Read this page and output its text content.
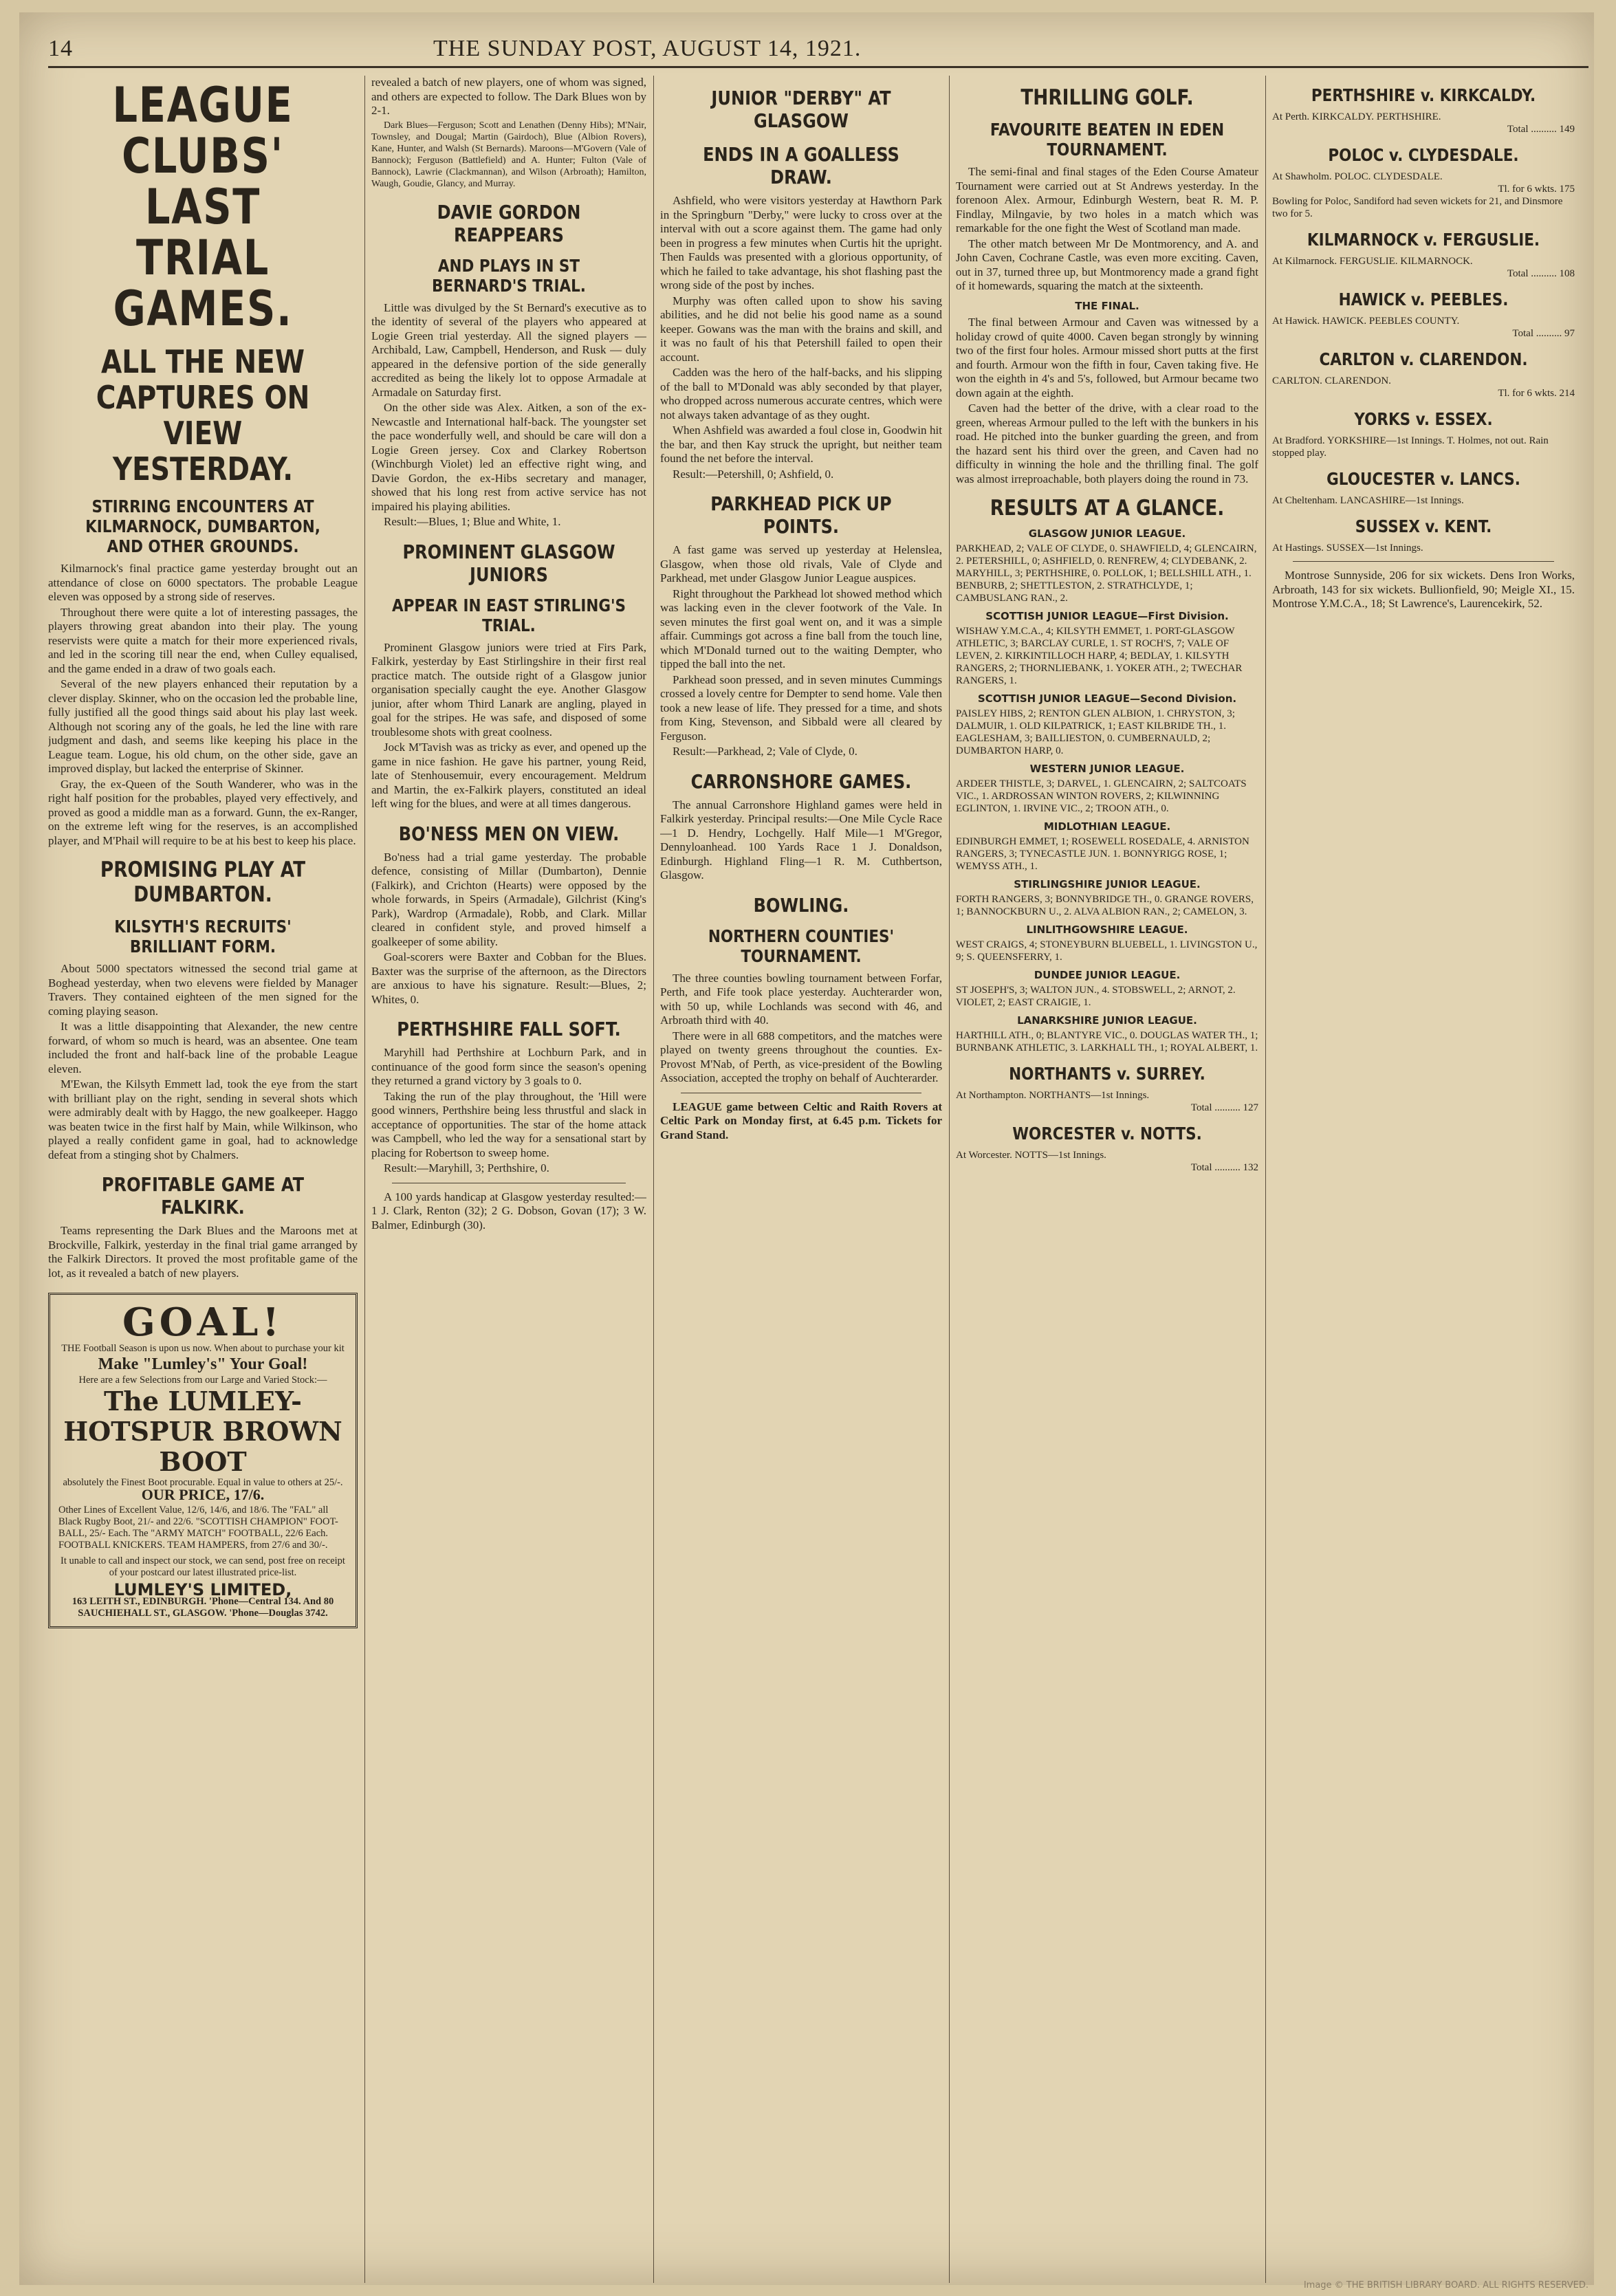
14	THE SUNDAY POST, AUGUST 14, 1921.
LEAGUE CLUBS' LAST TRIAL GAMES.
ALL THE NEW CAPTURES ON VIEW YESTERDAY.
STIRRING ENCOUNTERS AT KILMARNOCK, DUMBARTON, AND OTHER GROUNDS.

Kilmarnock's final practice game yesterday brought out an attendance of close on 6000 spectators. The probable League eleven was opposed by a strong side of reserves.

Throughout there were quite a lot of interesting passages, the players throwing great abandon into their play. The young reservists were quite a match for their more experienced rivals, and led in the scoring till near the end, when Culley equalised, and the game ended in a draw of two goals each.

Several of the new players enhanced their reputation by a clever display. Skinner, who on the occasion led the probable line, fully justified all the good things said about his play last week. Although not scoring any of the goals, he led the line with rare judgment and dash, and seems like keeping his place in the League team. Logue, his old chum, on the other side, gave an improved display, but lacked the enterprise of Skinner.

Gray, the ex-Queen of the South Wanderer, who was in the right half position for the probables, played very effectively, and proved as good a middle man as a forward. Gunn, the ex-Ranger, on the extreme left wing for the reserves, is an accomplished player, and M'Phail will require to be at his best to keep his place.

PROMISING PLAY AT DUMBARTON.
KILSYTH'S RECRUITS' BRILLIANT FORM.

About 5000 spectators witnessed the second trial game at Boghead yesterday, when two elevens were fielded by Manager Travers. They contained eighteen of the men signed for the coming playing season.

It was a little disappointing that Alexander, the new centre forward, of whom so much is heard, was an absentee. One team included the front and half-back line of the probable League eleven.

M'Ewan, the Kilsyth Emmett lad, took the eye from the start with brilliant play on the right, sending in several shots which were admirably dealt with by Haggo, the new goalkeeper. Haggo was beaten twice in the first half by Main, while Wilkinson, who played a really confident game in goal, had to acknowledge defeat from a stinging shot by Chalmers.

PROFITABLE GAME AT FALKIRK.

Teams representing the Dark Blues and the Maroons met at Brockville, Falkirk, yesterday in the final trial game arranged by the Falkirk Directors. It proved the most profitable game of the lot, as it revealed a batch of new players.

GOAL!
THE Football Season is upon us now. When about to purchase your kit
Make "Lumley's" Your Goal!
Here are a few Selections from our Large and Varied Stock:—
The LUMLEY-HOTSPUR BROWN BOOT
absolutely the Finest Boot procurable. Equal in value to others at 25/-.
OUR PRICE, 17/6.
Other Lines of Excellent Value, 12/6, 14/6, and 18/6. The "FAL" all Black Rugby Boot, 21/- and 22/6. "SCOTTISH CHAMPION" FOOT-BALL, 25/- Each. The "ARMY MATCH" FOOTBALL, 22/6 Each. FOOTBALL KNICKERS. TEAM HAMPERS, from 27/6 and 30/-.
It unable to call and inspect our stock, we can send, post free on receipt of your postcard our latest illustrated price-list.
LUMLEY'S LIMITED,
163 LEITH ST., EDINBURGH. 'Phone—Central 134. And 80 SAUCHIEHALL ST., GLASGOW. 'Phone—Douglas 3742.

revealed a batch of new players, one of whom was signed, and others are expected to follow. The Dark Blues won by 2-1.

Dark Blues—Ferguson; Scott and Lenathen (Denny Hibs); M'Nair, Townsley, and Dougal; Martin (Gairdoch), Blue (Albion Rovers), Kane, Hunter, and Walsh (St Bernards). Maroons—M'Govern (Vale of Bannock); Ferguson (Battlefield) and A. Hunter; Fulton (Vale of Bannock), Lawrie (Clackmannan), and Wilson (Arbroath); Hamilton, Waugh, Goudie, Glancy, and Murray.

DAVIE GORDON REAPPEARS
AND PLAYS IN ST BERNARD'S TRIAL.

Little was divulged by the St Bernard's executive as to the identity of several of the players who appeared at Logie Green trial yesterday. All the signed players — Archibald, Law, Campbell, Henderson, and Rusk — duly appeared in the defensive portion of the side generally accredited as being the likely lot to oppose Armadale at Armadale on Saturday first.

On the other side was Alex. Aitken, a son of the ex-Newcastle and International half-back. The youngster set the pace wonderfully well, and should be care will don a Logie Green jersey. Cox and Clarkey Robertson (Winchburgh Violet) led an effective right wing, and Davie Gordon, the ex-Hibs secretary and manager, showed that his long rest from active service has not impaired his playing abilities.

Result:—Blues, 1; Blue and White, 1.

PROMINENT GLASGOW JUNIORS
APPEAR IN EAST STIRLING'S TRIAL.

Prominent Glasgow juniors were tried at Firs Park, Falkirk, yesterday by East Stirlingshire in their first real practice match. The outside right of a Glasgow junior organisation specially caught the eye. Another Glasgow junior, after whom Third Lanark are angling, played in goal for the stripes. He was safe, and disposed of some troublesome shots with great coolness.

Jock M'Tavish was as tricky as ever, and opened up the game in nice fashion. He gave his partner, young Reid, late of Stenhousemuir, every encouragement. Meldrum and Martin, the ex-Falkirk players, constituted an ideal left wing for the blues, and were at all times dangerous.

BO'NESS MEN ON VIEW.

Bo'ness had a trial game yesterday. The probable defence, consisting of Millar (Dumbarton), Dennie (Falkirk), and Crichton (Hearts) were opposed by the whole forwards, in Speirs (Armadale), Gilchrist (King's Park), Wardrop (Armadale), Robb, and Clark. Millar cleared in confident style, and proved himself a goalkeeper of some ability.

Goal-scorers were Baxter and Cobban for the Blues. Baxter was the surprise of the afternoon, as the Directors are anxious to have his signature. Result:—Blues, 2; Whites, 0.

PERTHSHIRE FALL SOFT.

Maryhill had Perthshire at Lochburn Park, and in continuance of the good form since the season's opening they returned a grand victory by 3 goals to 0.

Taking the run of the play throughout, the 'Hill were good winners, Perthshire being less thrustful and slack in acceptance of opportunities. The star of the home attack was Campbell, who led the way for a sensational start by placing for Robertson to sweep home.

Result:—Maryhill, 3; Perthshire, 0.

A 100 yards handicap at Glasgow yesterday resulted:—1 J. Clark, Renton (32); 2 G. Dobson, Govan (17); 3 W. Balmer, Edinburgh (30).

JUNIOR "DERBY" AT GLASGOW
ENDS IN A GOALLESS DRAW.

Ashfield, who were visitors yesterday at Hawthorn Park in the Springburn "Derby," were lucky to cross over at the interval with out a score against them. The game had only been in progress a few minutes when Curtis hit the upright. Then Faulds was presented with a glorious opportunity, of which he failed to take advantage, his shot flashing past the wrong side of the post by inches.

Murphy was often called upon to show his saving abilities, and he did not belie his good name as a sound keeper. Gowans was the man with the brains and skill, and it was no fault of his that Petershill failed to open their account.

Cadden was the hero of the half-backs, and his slipping of the ball to M'Donald was ably seconded by that player, who dropped across numerous accurate centres, which were not always taken advantage of as they ought.

When Ashfield was awarded a foul close in, Goodwin hit the bar, and then Kay struck the upright, but neither team found the net before the interval.

Result:—Petershill, 0; Ashfield, 0.

PARKHEAD PICK UP POINTS.

A fast game was served up yesterday at Helenslea, Glasgow, when those old rivals, Vale of Clyde and Parkhead, met under Glasgow Junior League auspices.

Right throughout the Parkhead lot showed method which was lacking even in the clever footwork of the Vale. In seven minutes the first goal went on, and it was a simple affair. Cummings got across a fine ball from the touch line, which M'Donald turned out to the waiting Dempter, who tipped the ball into the net.

Parkhead soon pressed, and in seven minutes Cummings crossed a lovely centre for Dempter to send home. Vale then took a new lease of life. They pressed for a time, and shots from King, Stevenson, and Sibbald were all cleared by Ferguson.

Result:—Parkhead, 2; Vale of Clyde, 0.

CARRONSHORE GAMES.

The annual Carronshore Highland games were held in Falkirk yesterday. Principal results:—One Mile Cycle Race—1 D. Hendry, Lochgelly. Half Mile—1 M'Gregor, Dennyloanhead. 100 Yards Race 1 J. Donaldson, Edinburgh. Highland Fling—1 R. M. Cuthbertson, Glasgow.

BOWLING.
NORTHERN COUNTIES' TOURNAMENT.

The three counties bowling tournament between Forfar, Perth, and Fife took place yesterday. Auchterarder won, with 50 up, while Lochlands was second with 46, and Arbroath third with 40.

There were in all 688 competitors, and the matches were played on twenty greens throughout the counties. Ex-Provost M'Nab, of Perth, as vice-president of the Bowling Association, accepted the trophy on behalf of Auchterarder.

LEAGUE game between Celtic and Raith Rovers at Celtic Park on Monday first, at 6.45 p.m. Tickets for Grand Stand.

THRILLING GOLF.
FAVOURITE BEATEN IN EDEN TOURNAMENT.

The semi-final and final stages of the Eden Course Amateur Tournament were carried out at St Andrews yesterday. In the forenoon Alex. Armour, Edinburgh Western, beat R. M. P. Findlay, Milngavie, by two holes in a match which was remarkable for the one fight the West of Scotland man made.

The other match between Mr De Montmorency, and A. and John Caven, Cochrane Castle, was even more exciting. Caven, out in 37, turned three up, but Montmorency made a grand fight of it homewards, squaring the match at the sixteenth.

THE FINAL.

The final between Armour and Caven was witnessed by a holiday crowd of quite 4000. Caven began strongly by winning two of the first four holes. Armour missed short putts at the first and fourth. Armour won the fifth in four, Caven taking five. He won the eighth in 4's and 5's, followed, but Armour became two down again at the eighth.

Caven had the better of the drive, with a clear road to the green, whereas Armour pulled to the left with the bunkers in his road. He pitched into the bunker guarding the green, and from the hazard sent his third over the green, and Caven had no difficulty in winning the hole and the thrilling final. The golf was almost irreproachable, both players doing the round in 73.

RESULTS AT A GLANCE.
GLASGOW JUNIOR LEAGUE.
PARKHEAD, 2; VALE OF CLYDE, 0. SHAWFIELD, 4; GLENCAIRN, 2. PETERSHILL, 0; ASHFIELD, 0. RENFREW, 4; CLYDEBANK, 2. MARYHILL, 3; PERTHSHIRE, 0. POLLOK, 1; BELLSHILL ATH., 1. BENBURB, 2; SHETTLESTON, 2. STRATHCLYDE, 1; CAMBUSLANG RAN., 2.
SCOTTISH JUNIOR LEAGUE—First Division.
WISHAW Y.M.C.A., 4; KILSYTH EMMET, 1. PORT-GLASGOW ATHLETIC, 3; BARCLAY CURLE, 1. ST ROCH'S, 7; VALE OF LEVEN, 2. KIRKINTILLOCH HARP, 4; BEDLAY, 1. KILSYTH RANGERS, 2; THORNLIEBANK, 1. YOKER ATH., 2; TWECHAR RANGERS, 1.
SCOTTISH JUNIOR LEAGUE—Second Division.
PAISLEY HIBS, 2; RENTON GLEN ALBION, 1. CHRYSTON, 3; DALMUIR, 1. OLD KILPATRICK, 1; EAST KILBRIDE TH., 1. EAGLESHAM, 3; BAILLIESTON, 0. CUMBERNAULD, 2; DUMBARTON HARP, 0.
WESTERN JUNIOR LEAGUE.
ARDEER THISTLE, 3; DARVEL, 1. GLENCAIRN, 2; SALTCOATS VIC., 1. ARDROSSAN WINTON ROVERS, 2; KILWINNING EGLINTON, 1. IRVINE VIC., 2; TROON ATH., 0.
MIDLOTHIAN LEAGUE.
EDINBURGH EMMET, 1; ROSEWELL ROSEDALE, 4. ARNISTON RANGERS, 3; TYNECASTLE JUN. 1. BONNYRIGG ROSE, 1; WEMYSS ATH., 1.
STIRLINGSHIRE JUNIOR LEAGUE.
FORTH RANGERS, 3; BONNYBRIDGE TH., 0. GRANGE ROVERS, 1; BANNOCKBURN U., 2. ALVA ALBION RAN., 2; CAMELON, 3.
LINLITHGOWSHIRE LEAGUE.
WEST CRAIGS, 4; STONEYBURN BLUEBELL, 1. LIVINGSTON U., 9; S. QUEENSFERRY, 1.
DUNDEE JUNIOR LEAGUE.
ST JOSEPH'S, 3; WALTON JUN., 4. STOBSWELL, 2; ARNOT, 2. VIOLET, 2; EAST CRAIGIE, 1.
LANARKSHIRE JUNIOR LEAGUE.
HARTHILL ATH., 0; BLANTYRE VIC., 0. DOUGLAS WATER TH., 1; BURNBANK ATHLETIC, 3. LARKHALL TH., 1; ROYAL ALBERT, 1.
NORTHANTS v. SURREY.
At Northampton. NORTHANTS—1st Innings.
Total .......... 127
WORCESTER v. NOTTS.
At Worcester. NOTTS—1st Innings.
Total .......... 132
PERTHSHIRE v. KIRKCALDY.
At Perth. KIRKCALDY. PERTHSHIRE.
Total .......... 149
POLOC v. CLYDESDALE.
At Shawholm. POLOC. CLYDESDALE.
Tl. for 6 wkts. 175
Bowling for Poloc, Sandiford had seven wickets for 21, and Dinsmore two for 5.
KILMARNOCK v. FERGUSLIE.
At Kilmarnock. FERGUSLIE. KILMARNOCK.
Total .......... 108
HAWICK v. PEEBLES.
At Hawick. HAWICK. PEEBLES COUNTY.
Total .......... 97
CARLTON v. CLARENDON.
CARLTON. CLARENDON.
Tl. for 6 wkts. 214
YORKS v. ESSEX.
At Bradford. YORKSHIRE—1st Innings. T. Holmes, not out. Rain stopped play.
GLOUCESTER v. LANCS.
At Cheltenham. LANCASHIRE—1st Innings.
SUSSEX v. KENT.
At Hastings. SUSSEX—1st Innings.

Montrose Sunnyside, 206 for six wickets. Dens Iron Works, Arbroath, 143 for six wickets. Bullionfield, 90; Meigle XI., 15. Montrose Y.M.C.A., 18; St Lawrence's, Laurencekirk, 52.

Image © THE BRITISH LIBRARY BOARD. ALL RIGHTS RESERVED.
